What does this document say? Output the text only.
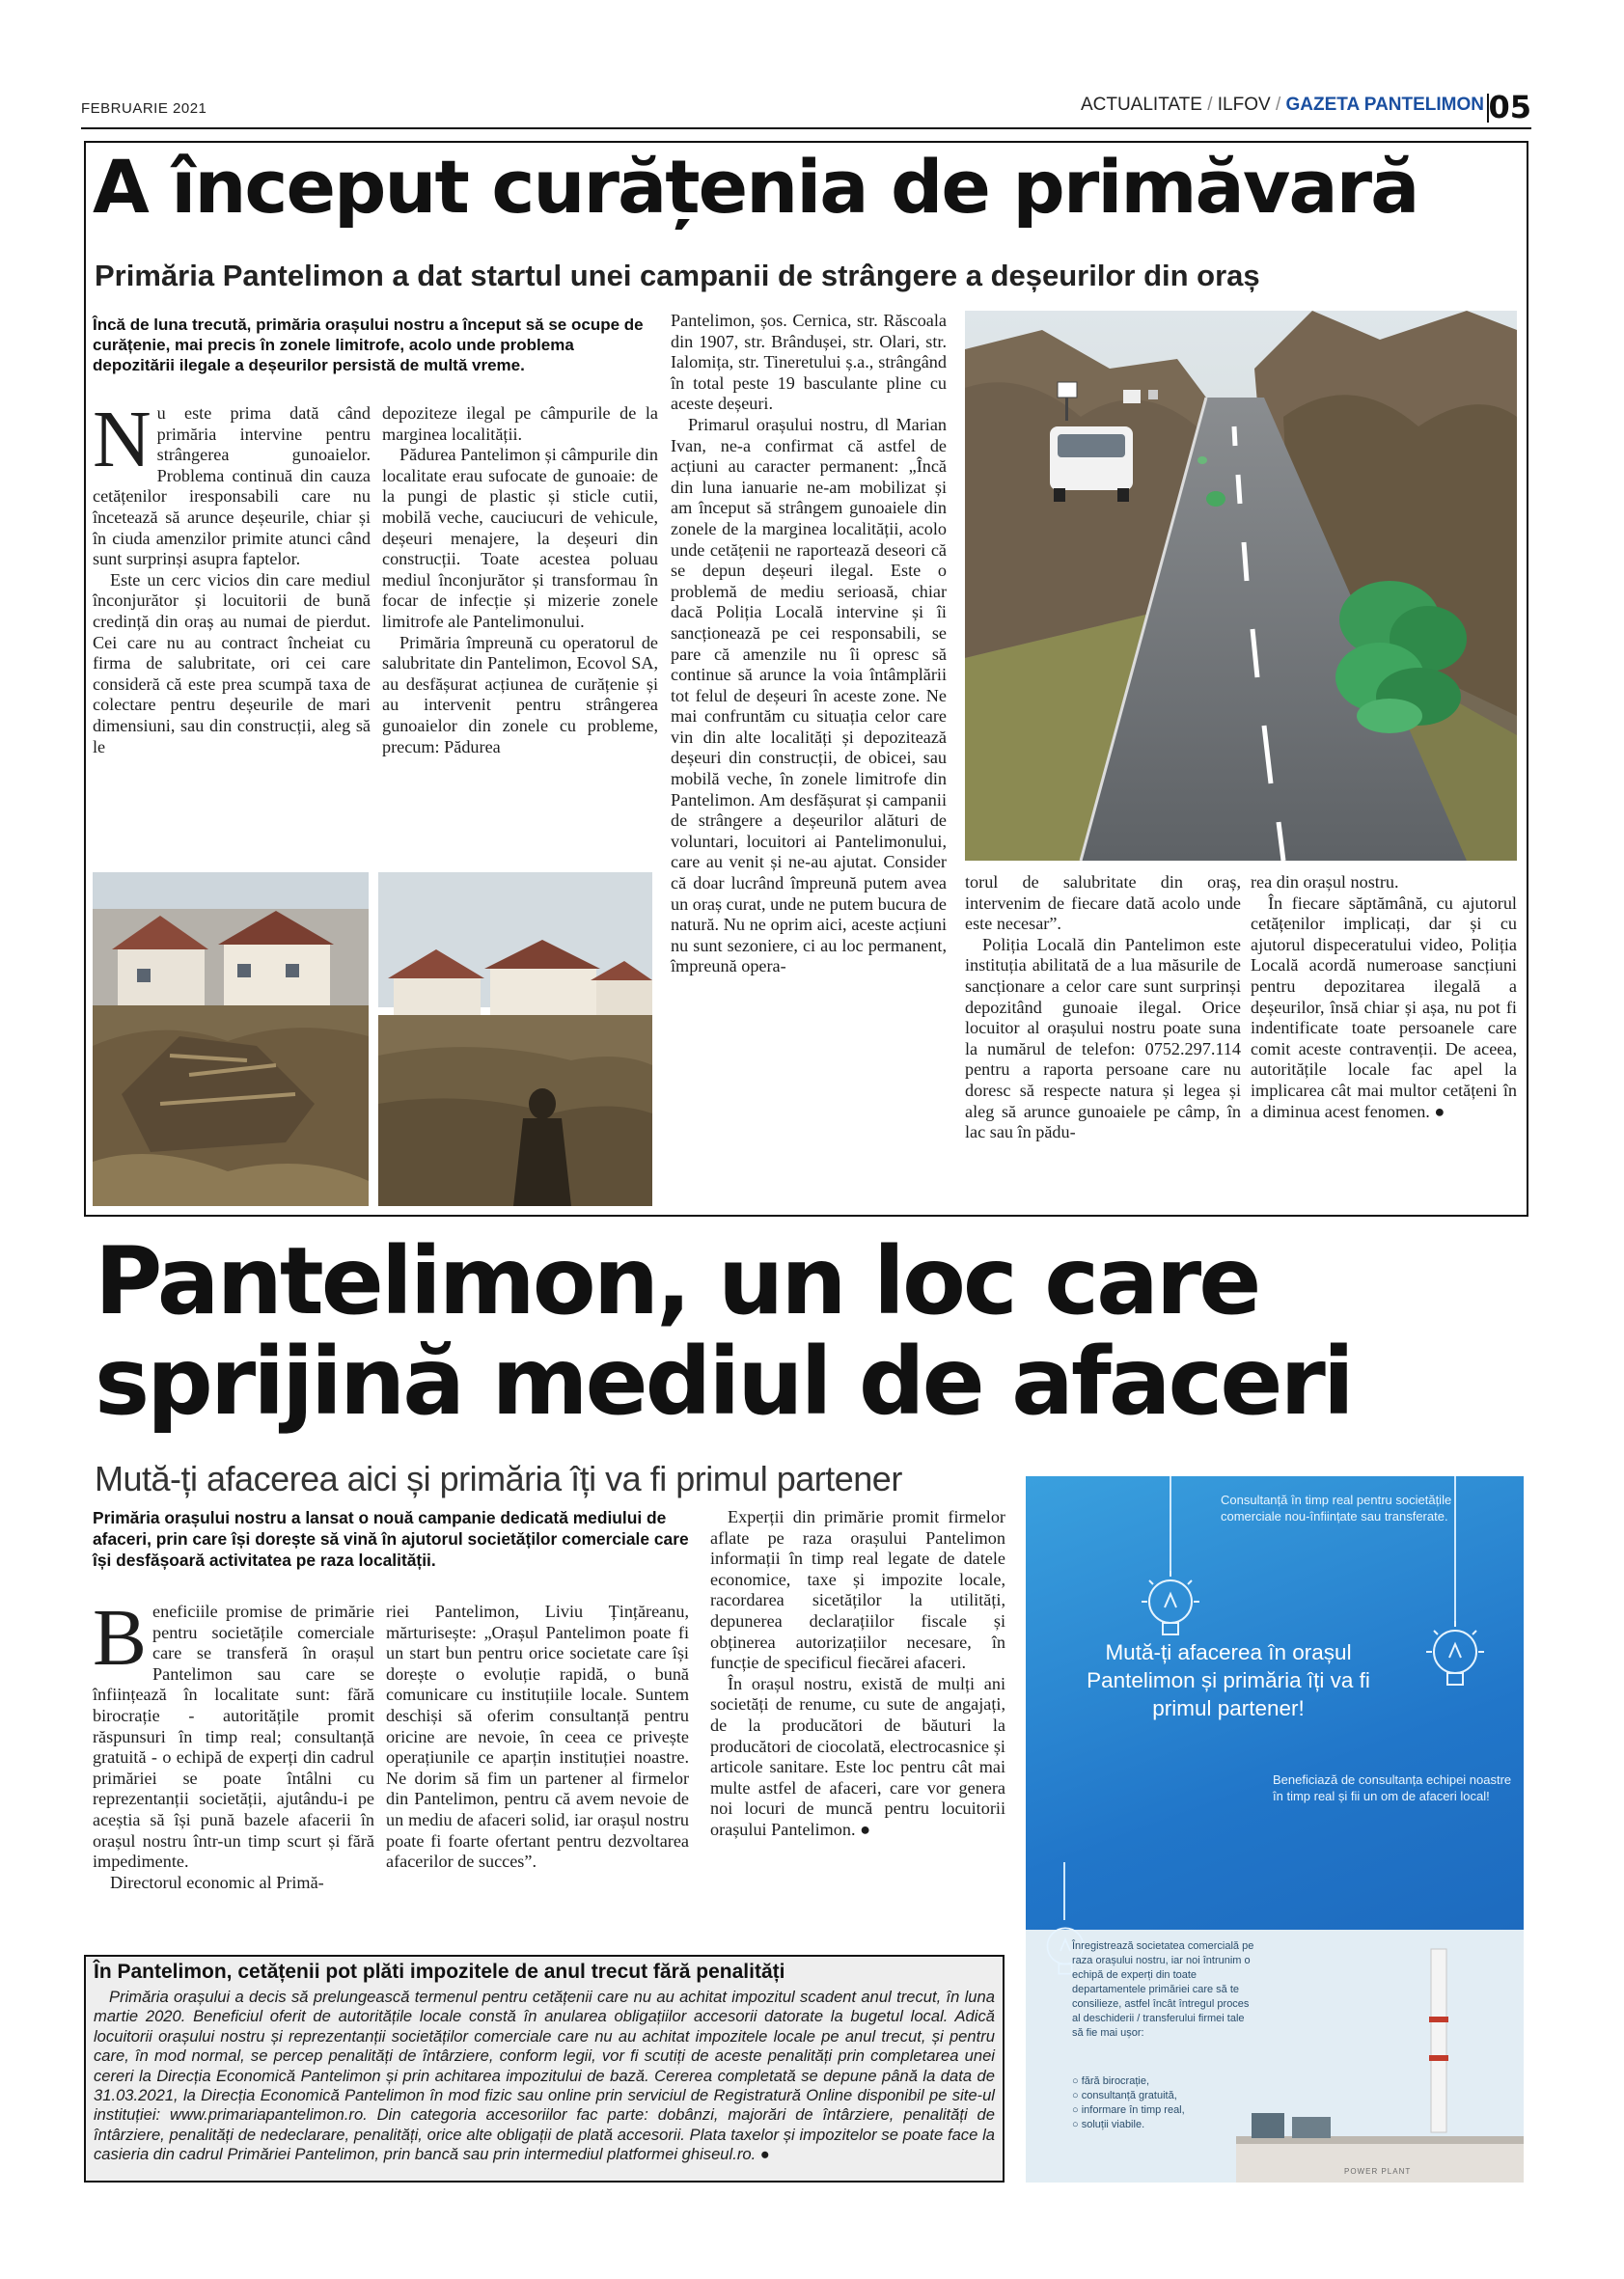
FEBRUARIE 2021	ACTUALITATE / ILFOV / GAZETA PANTELIMON 05
A început curățenia de primăvară
Primăria Pantelimon a dat startul unei campanii de strângere a deșeurilor din oraș
Încă de luna trecută, primăria orașului nostru a început să se ocupe de curățenie, mai precis în zonele limitrofe, acolo unde problema depozitării ilegale a deșeurilor persistă de multă vreme.
N u este prima dată când primăria intervine pentru strângerea gunoaielor. Problema continuă din cauza cetățenilor iresponsabili care nu încetează să arunce deșeurile, chiar și în ciuda amenzilor primite atunci când sunt surprinși asupra faptelor.

Este un cerc vicios din care mediul înconjurător și locuitorii de bună credință din oraș au numai de pierdut. Cei care nu au contract încheiat cu firma de salubritate, ori cei care consideră că este prea scumpă taxa de colectare pentru deșeurile de mari dimensiuni, sau din construcții, aleg să le

depoziteze ilegal pe câmpurile de la marginea localității.

Pădurea Pantelimon și câmpurile din localitate erau sufocate de gunoaie: de la pungi de plastic și sticle cutii, mobilă veche, cauciucuri de vehicule, deșeuri menajere, la deșeuri din construcții. Toate acestea poluau mediul înconjurător și transformau în focar de infecție și mizerie zonele limitrofe ale Pantelimonului.

Primăria împreună cu operatorul de salubritate din Pantelimon, Ecovol SA, au desfășurat acțiunea de curățenie și au intervenit pentru strângerea gunoaielor din zonele cu probleme, precum: Pădurea

Pantelimon, șos. Cernica, str. Răscoala din 1907, str. Brândușei, str. Olari, str. Ialomița, str. Tineretului ș.a., strângând în total peste 19 basculante pline cu aceste deșeuri.

Primarul orașului nostru, dl Marian Ivan, ne-a confirmat că astfel de acțiuni au caracter permanent: „Încă din luna ianuarie ne-am mobilizat și am început să strângem gunoaiele din zonele de la marginea localității, acolo unde cetățenii ne raportează deseori că se depun deșeuri ilegal. Este o problemă de mediu serioasă, chiar dacă Poliția Locală intervine și îi sancționează pe cei responsabili, se pare că amenzile nu îi opresc să continue să arunce la voia întâmplării tot felul de deșeuri în aceste zone. Ne mai confruntăm cu situația celor care vin din alte localități și depozitează deșeuri din construcții, de obicei, sau mobilă veche, în zonele limitrofe din Pantelimon. Am desfășurat și campanii de strângere a deșeurilor alături de voluntari, locuitori ai Pantelimonului, care au venit și ne-au ajutat. Consider că doar lucrând împreună putem avea un oraș curat, unde ne putem bucura de natură. Nu ne oprim aici, aceste acțiuni nu sunt sezoniere, ci au loc permanent, împreună opera-

torul de salubritate din oraș, intervenim de fiecare dată acolo unde este necesar”.

Poliția Locală din Pantelimon este instituția abilitată de a lua măsurile de sancționare a celor care sunt surprinși depozitând gunoaie ilegal. Orice locuitor al orașului nostru poate suna la numărul de telefon: 0752.297.114 pentru a raporta persoane care nu doresc să respecte natura și legea și aleg să arunce gunoaiele pe câmp, în lac sau în pădu-

rea din orașul nostru.

În fiecare săptămână, cu ajutorul cetățenilor implicați, dar și cu ajutorul dispeceratului video, Poliția Locală acordă numeroase sancțiuni pentru depozitarea ilegală a deșeurilor, însă chiar și așa, nu pot fi indentificate toate persoanele care comit aceste contravenții. De aceea, autoritățile locale fac apel la implicarea cât mai multor cetățeni în a diminua acest fenomen. ●

Pantelimon, un loc care
sprijină mediul de afaceri
Mută-ți afacerea aici și primăria îți va fi primul partener
Primăria orașului nostru a lansat o nouă campanie dedicată mediului de afaceri, prin care își dorește să vină în ajutorul societăților comerciale care își desfășoară activitatea pe raza localității.
B eneficiile promise de primărie pentru societățile comerciale care se transferă în orașul Pantelimon sau care se înființează în localitate sunt: fără birocrație - autoritățile promit răspunsuri în timp real; consultanță gratuită - o echipă de experți din cadrul primăriei se poate întâlni cu reprezentanții societății, ajutându-i pe aceștia să își pună bazele afacerii în orașul nostru într-un timp scurt și fără impedimente.

Directorul economic al Primă-

riei Pantelimon, Liviu Țințăreanu, mărturisește: „Orașul Pantelimon poate fi un start bun pentru orice societate care își dorește o evoluție rapidă, o bună comunicare cu instituțiile locale. Suntem deschiși să oferim consultanță pentru oricine are nevoie, în ceea ce privește operațiunile ce aparțin instituției noastre. Ne dorim să fim un partener al firmelor din Pantelimon, pentru că avem nevoie de un mediu de afaceri solid, iar orașul nostru poate fi foarte ofertant pentru dezvoltarea afacerilor de succes”.

Experții din primărie promit firmelor aflate pe raza orașului Pantelimon informații în timp real legate de datele economice, taxe și impozite locale, racordarea sicetăților la utilități, depunerea declarațiilor fiscale și obținerea autorizațiilor necesare, în funcție de specificul fiecărei afaceri.

În orașul nostru, există de mulți ani societăți de renume, cu sute de angajați, de la producători de băuturi la producători de ciocolată, electrocasnice și articole sanitare. Este loc pentru cât mai multe astfel de afaceri, care vor genera noi locuri de muncă pentru locuitorii orașului Pantelimon. ●

Consultanță în timp real pentru societățile comerciale nou-înființate sau transferate.
Mută-ți afacerea în orașul Pantelimon și primăria îți va fi primul partener!
Beneficiază de consultanța echipei noastre în timp real și fii un om de afaceri local!
Înregistrează societatea comercială pe raza orașului nostru, iar noi întrunim o echipă de experți din toate departamentele primăriei care să te consilieze, astfel încât întregul proces al deschiderii / transferului firmei tale să fie mai ușor:
○ fără birocrație,
○ consultanță gratuită,
○ informare în timp real,
○ soluții viabile.
POWER PLANT
În Pantelimon, cetățenii pot plăti impozitele de anul trecut fără penalități
Primăria orașului a decis să prelungească termenul pentru cetățenii care nu au achitat impozitul scadent anul trecut, în luna martie 2020. Beneficiul oferit de autoritățile locale constă în anularea obligațiilor accesorii datorate la bugetul local. Adică locuitorii orașului nostru și reprezentanții societăților comerciale care nu au achitat impozitele locale pe anul trecut, și pentru care, în mod normal, se percep penalități de întârziere, conform legii, vor fi scutiți de aceste penalități prin completarea unei cereri la Direcția Economică Pantelimon și prin achitarea impozitului de bază. Cererea completată se depune până la data de 31.03.2021, la Direcția Economică Pantelimon în mod fizic sau online prin serviciul de Registratură Online disponibil pe site-ul instituției: www.primariapantelimon.ro. Din categoria accesoriilor fac parte: dobânzi, majorări de întârziere, penalități de întârziere, penalități de nedeclarare, penalități, orice alte obligații de plată accesorii. Plata taxelor și impozitelor se poate face la casieria din cadrul Primăriei Pantelimon, prin bancă sau prin intermediul platformei ghiseul.ro. ●
